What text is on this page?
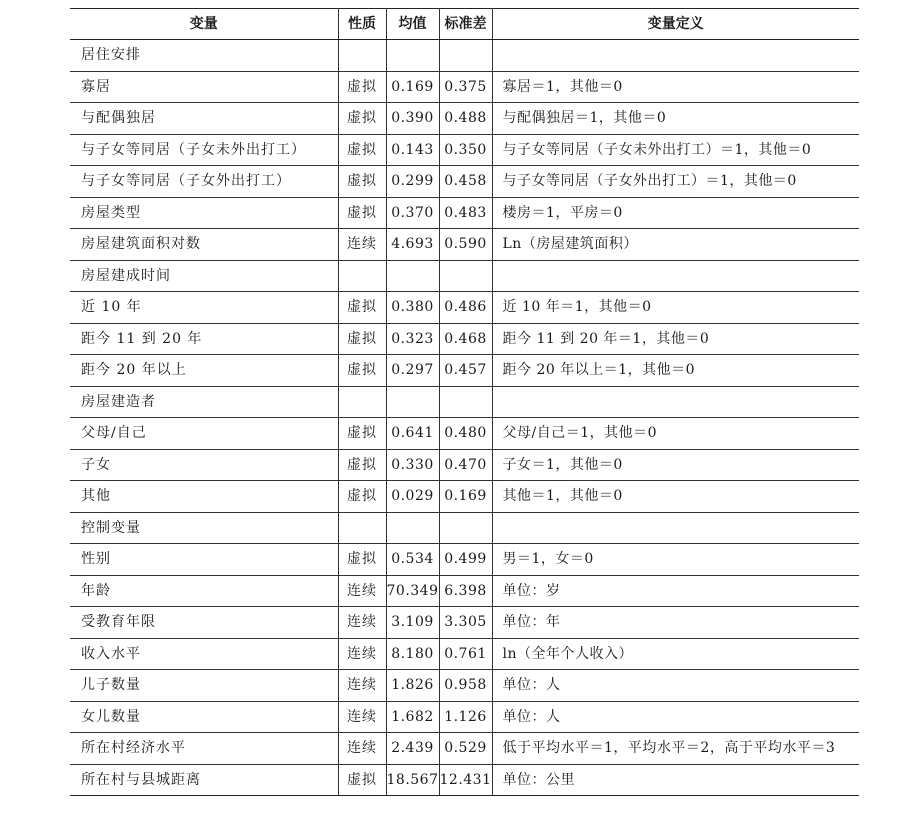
变量	性质	均值	标准差	变量定义
居住安排				
寡居	虚拟	0.169	0.375	寡居＝1，其他＝0
与配偶独居	虚拟	0.390	0.488	与配偶独居＝1，其他＝0
与子女等同居（子女未外出打工）	虚拟	0.143	0.350	与子女等同居（子女未外出打工）＝1，其他＝0
与子女等同居（子女外出打工）	虚拟	0.299	0.458	与子女等同居（子女外出打工）＝1，其他＝0
房屋类型	虚拟	0.370	0.483	楼房＝1，平房＝0
房屋建筑面积对数	连续	4.693	0.590	Ln（房屋建筑面积）
房屋建成时间				
近 10 年	虚拟	0.380	0.486	近 10 年＝1，其他＝0
距今 11 到 20 年	虚拟	0.323	0.468	距今 11 到 20 年＝1，其他＝0
距今 20 年以上	虚拟	0.297	0.457	距今 20 年以上＝1，其他＝0
房屋建造者				
父母/自己	虚拟	0.641	0.480	父母/自己＝1，其他＝0
子女	虚拟	0.330	0.470	子女＝1，其他＝0
其他	虚拟	0.029	0.169	其他＝1，其他＝0
控制变量				
性别	虚拟	0.534	0.499	男＝1，女＝0
年龄	连续	70.349	6.398	单位：岁
受教育年限	连续	3.109	3.305	单位：年
收入水平	连续	8.180	0.761	ln（全年个人收入）
儿子数量	连续	1.826	0.958	单位：人
女儿数量	连续	1.682	1.126	单位：人
所在村经济水平	连续	2.439	0.529	低于平均水平＝1，平均水平＝2，高于平均水平＝3
所在村与县城距离	虚拟	18.567	12.431	单位：公里
